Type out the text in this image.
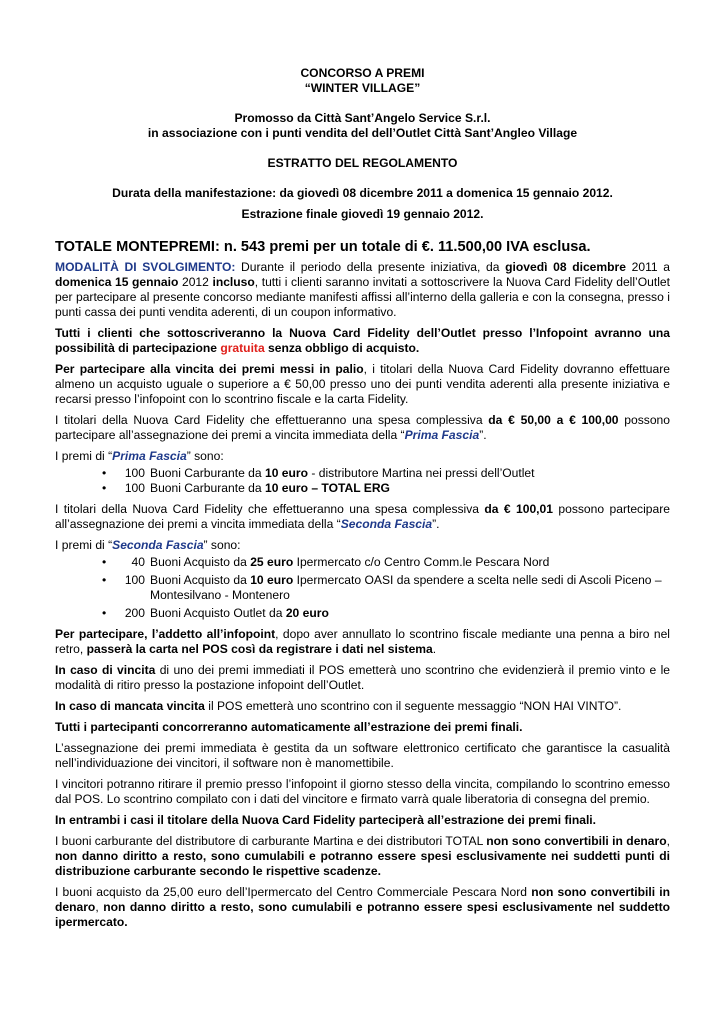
CONCORSO A PREMI
“WINTER VILLAGE”
Promosso da Città Sant’Angelo Service S.r.l.
in associazione con i punti vendita del dell’Outlet Città Sant’Angleo Village
ESTRATTO DEL REGOLAMENTO
Durata della manifestazione: da giovedì 08 dicembre 2011 a domenica 15 gennaio 2012.
Estrazione finale giovedì 19 gennaio 2012.
TOTALE MONTEPREMI: n. 543 premi per un totale di €. 11.500,00 IVA esclusa.

MODALITÀ DI SVOLGIMENTO: Durante il periodo della presente iniziativa, da giovedì 08 dicembre 2011 a domenica 15 gennaio 2012 incluso, tutti i clienti saranno invitati a sottoscrivere la Nuova Card Fidelity dell’Outlet per partecipare al presente concorso mediante manifesti affissi all’interno della galleria e con la consegna, presso i punti cassa dei punti vendita aderenti, di un coupon informativo.

Tutti i clienti che sottoscriveranno la Nuova Card Fidelity dell’Outlet presso l’Infopoint avranno una possibilità di partecipazione gratuita senza obbligo di acquisto.

Per partecipare alla vincita dei premi messi in palio, i titolari della Nuova Card Fidelity dovranno effettuare almeno un acquisto uguale o superiore a € 50,00 presso uno dei punti vendita aderenti alla presente iniziativa e recarsi presso l’infopoint con lo scontrino fiscale e la carta Fidelity.

I titolari della Nuova Card Fidelity che effettueranno una spesa complessiva da € 50,00 a € 100,00 possono partecipare all’assegnazione dei premi a vincita immediata della “Prima Fascia”.

I premi di “Prima Fascia” sono:

•	100 Buoni Carburante da 10 euro - distributore Martina nei pressi dell’Outlet
•	100 Buoni Carburante da 10 euro – TOTAL ERG

I titolari della Nuova Card Fidelity che effettueranno una spesa complessiva da € 100,01 possono partecipare all’assegnazione dei premi a vincita immediata della “Seconda Fascia”.

I premi di “Seconda Fascia” sono:

•	40 Buoni Acquisto da 25 euro Ipermercato c/o Centro Comm.le Pescara Nord
•	100 Buoni Acquisto da 10 euro Ipermercato OASI da spendere a scelta nelle sedi di Ascoli Piceno – Montesilvano - Montenero
•	200 Buoni Acquisto Outlet da 20 euro

Per partecipare, l’addetto all’infopoint, dopo aver annullato lo scontrino fiscale mediante una penna a biro nel retro, passerà la carta nel POS così da registrare i dati nel sistema.

In caso di vincita di uno dei premi immediati il POS emetterà uno scontrino che evidenzierà il premio vinto e le modalità di ritiro presso la postazione infopoint dell’Outlet.

In caso di mancata vincita il POS emetterà uno scontrino con il seguente messaggio “NON HAI VINTO”.

Tutti i partecipanti concorreranno automaticamente all’estrazione dei premi finali.

L’assegnazione dei premi immediata è gestita da un software elettronico certificato che garantisce la casualità nell’individuazione dei vincitori, il software non è manomettibile.

I vincitori potranno ritirare il premio presso l’infopoint il giorno stesso della vincita, compilando lo scontrino emesso dal POS. Lo scontrino compilato con i dati del vincitore e firmato varrà quale liberatoria di consegna del premio.

In entrambi i casi il titolare della Nuova Card Fidelity parteciperà all’estrazione dei premi finali.

I buoni carburante del distributore di carburante Martina e dei distributori TOTAL non sono convertibili in denaro, non danno diritto a resto, sono cumulabili e potranno essere spesi esclusivamente nei suddetti punti di distribuzione carburante secondo le rispettive scadenze.

I buoni acquisto da 25,00 euro dell’Ipermercato del Centro Commerciale Pescara Nord non sono convertibili in denaro, non danno diritto a resto, sono cumulabili e potranno essere spesi esclusivamente nel suddetto ipermercato.
